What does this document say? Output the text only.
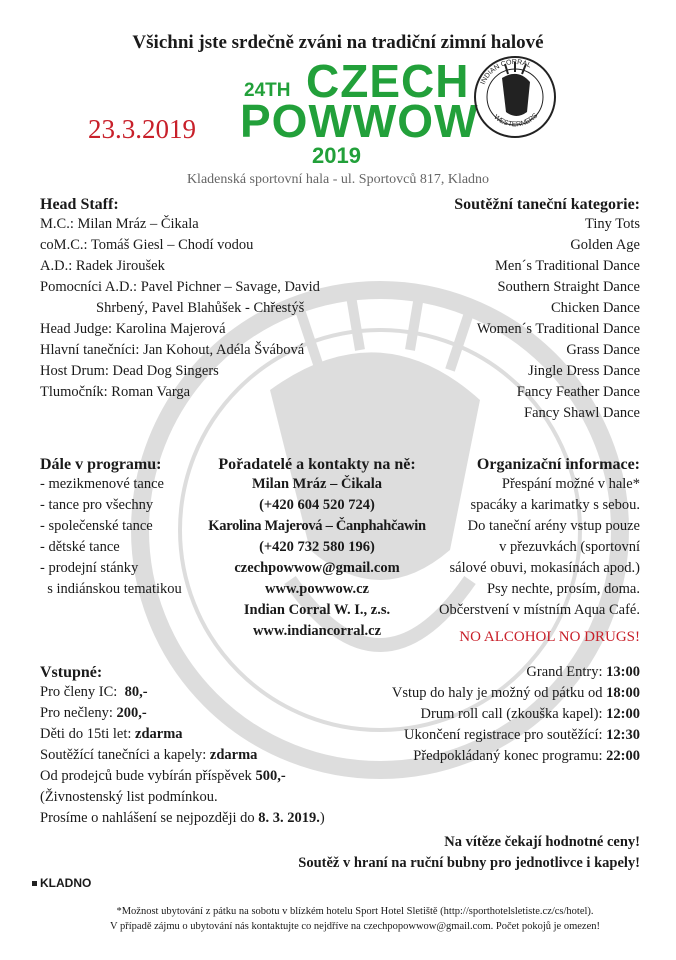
Všichni jste srdečně zváni na tradiční zimní halové
23.3.2019
24TH CZECH
POWWOW
2019
INDIAN CORRAL
WESTERNERS
Kladenská sportovní hala - ul. Sportovců 817, Kladno
Head Staff:
M.C.: Milan Mráz – Čikala
coM.C.: Tomáš Giesl – Chodí vodou
A.D.: Radek Jiroušek
Pomocníci A.D.: Pavel Pichner – Savage, David
Shrbený, Pavel Blahůšek - Chřestýš
Head Judge: Karolina Majerová
Hlavní tanečníci: Jan Kohout, Adéla Švábová
Host Drum: Dead Dog Singers
Tlumočník: Roman Varga
Soutěžní taneční kategorie:
Tiny Tots
Golden Age
Men´s Traditional Dance
Southern Straight Dance
Chicken Dance
Women´s Traditional Dance
Grass Dance
Jingle Dress Dance
Fancy Feather Dance
Fancy Shawl Dance
Dále v programu:
- mezikmenové tance
- tance pro všechny
- společenské tance
- dětské tance
- prodejní stánky
s indiánskou tematikou
Pořadatelé a kontakty na ně:
Milan Mráz – Čikala
(+420 604 520 724)
Karolina Majerová – Čanphahčawin
(+420 732 580 196)
czechpowwow@gmail.com
www.powwow.cz
Indian Corral W. I., z.s.
www.indiancorral.cz
Organizační informace:
Přespání možné v hale*
spacáky a karimatky s sebou.
Do taneční arény vstup pouze
v přezuvkách (sportovní
sálové obuvi, mokasínách apod.)
Psy nechte, prosím, doma.
Občerstvení v místním Aqua Café.
NO ALCOHOL NO DRUGS!
Grand Entry: 13:00
Vstup do haly je možný od pátku od 18:00
Drum roll call (zkouška kapel): 12:00
Ukončení registrace pro soutěžící: 12:30
Předpokládaný konec programu: 22:00
Vstupné:
Pro členy IC:  80,-
Pro nečleny: 200,-
Děti do 15ti let: zdarma
Soutěžící tanečníci a kapely: zdarma
Od prodejců bude vybírán příspěvek 500,-
(Živnostenský list podmínkou.
Prosíme o nahlášení se nejpozději do 8. 3. 2019.)
Na vítěze čekají hodnotné ceny!
Soutěž v hraní na ruční bubny pro jednotlivce i kapely!
KLADNO
*Možnost ubytování z pátku na sobotu v blízkém hotelu Sport Hotel Sletiště (http://sporthotelsletiste.cz/cs/hotel).
V případě zájmu o ubytování nás kontaktujte co nejdříve na czechpopowwow@gmail.com. Počet pokojů je omezen!
